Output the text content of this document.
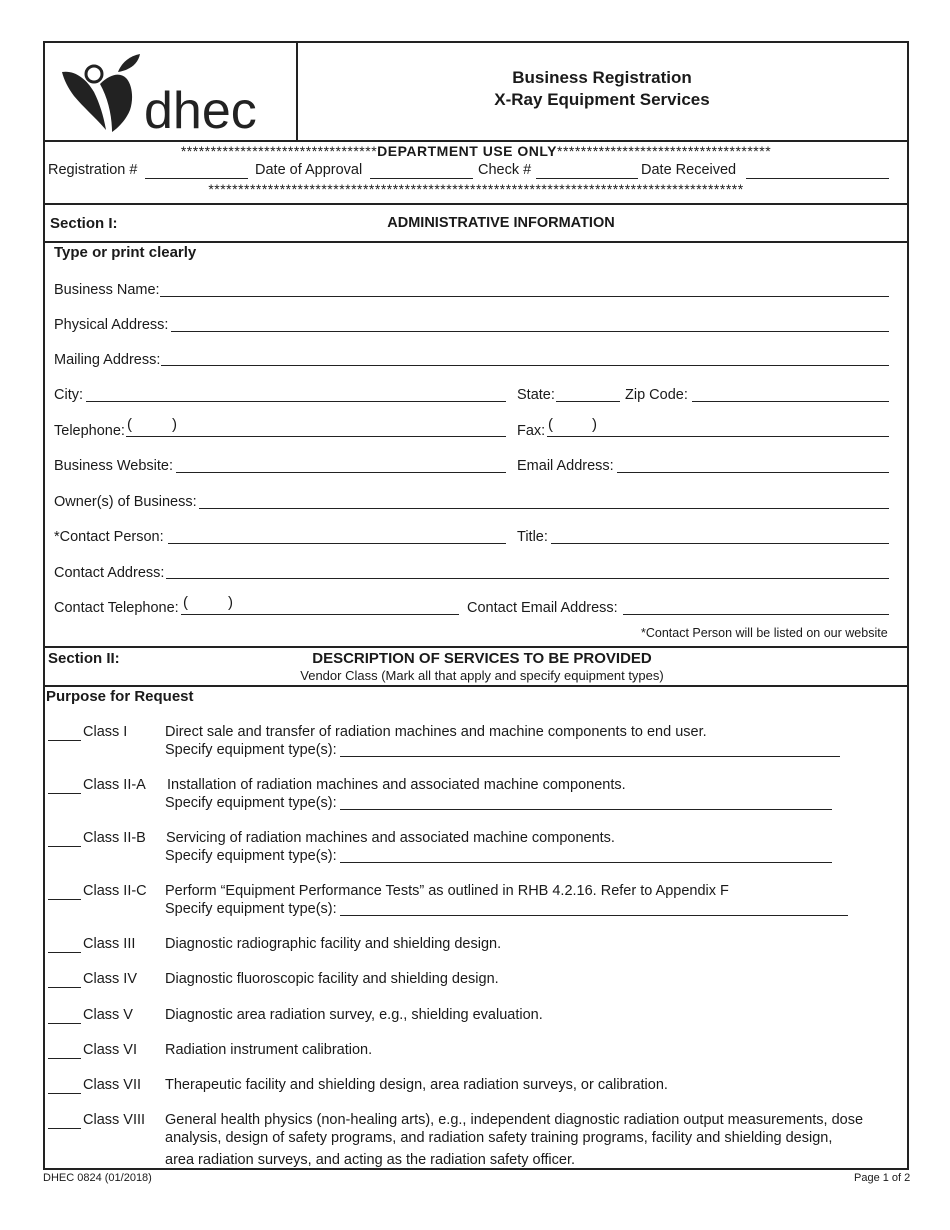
dhec
Business Registration
X-Ray Equipment Services
*********************************DEPARTMENT USE ONLY************************************
Registration #	Date of Approval	Check #	Date Received
******************************************************************************************
Section I:	ADMINISTRATIVE INFORMATION
Type or print clearly
Business Name:
Physical Address:
Mailing Address:
City:	State:	Zip Code:
Telephone: (	)	Fax: (	)
Business Website:	Email Address:
Owner(s) of Business:
*Contact Person:	Title:
Contact Address:
Contact Telephone: (	)	Contact Email Address:
*Contact Person will be listed on our website
Section II:	DESCRIPTION OF SERVICES TO BE PROVIDED
Vendor Class (Mark all that apply and specify equipment types)
Purpose for Request
Class I	Direct sale and transfer of radiation machines and machine components to end user.
Specify equipment type(s):
Class II-A Installation of radiation machines and associated machine components.
Specify equipment type(s):
Class II-B Servicing of radiation machines and associated machine components.
Specify equipment type(s):
Class II-C Perform “Equipment Performance Tests” as outlined in RHB 4.2.16. Refer to Appendix F
Specify equipment type(s):
Class III Diagnostic radiographic facility and shielding design.
Class IV Diagnostic fluoroscopic facility and shielding design.
Class V Diagnostic area radiation survey, e.g., shielding evaluation.
Class VI Radiation instrument calibration.
Class VII Therapeutic facility and shielding design, area radiation surveys, or calibration.
Class VIII General health physics (non-healing arts), e.g., independent diagnostic radiation output measurements, dose
analysis, design of safety programs, and radiation safety training programs, facility and shielding design,
area radiation surveys, and acting as the radiation safety officer.
DHEC 0824 (01/2018)	Page 1 of 2
